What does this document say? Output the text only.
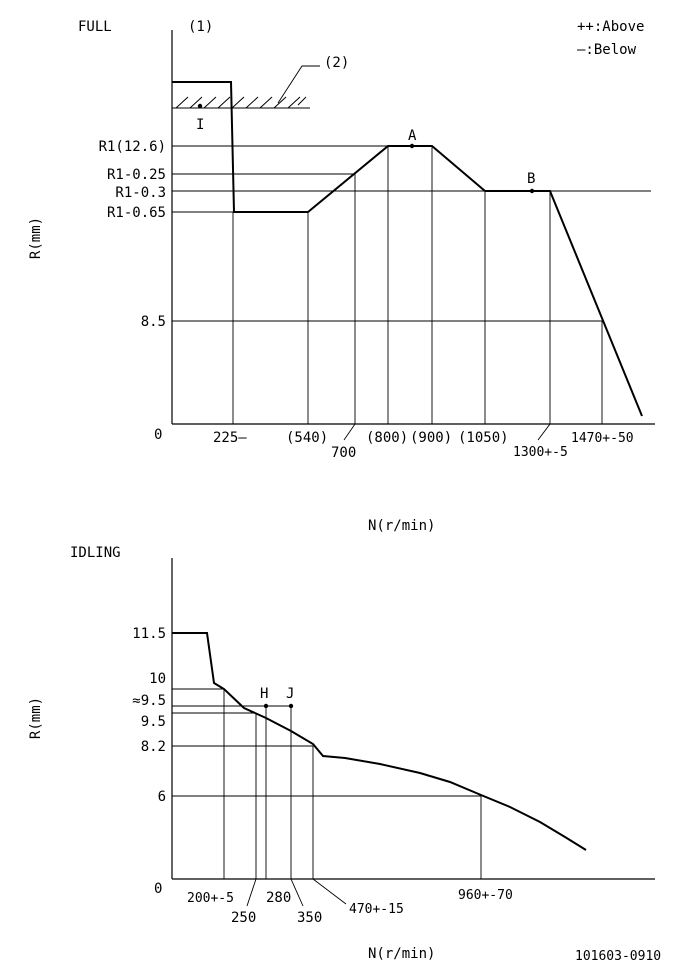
FULL	(1)	++:Above
—:Below
(2)
I
A
B
R1(12.6)
R1-0.25
R1-0.3
R1-0.65
8.5
0
R(mm)
225—	(540)
700
(800) (900) (1050)
1300+-5
1470+-50
N(r/min)
IDLING
H J
11.5
10
≈9.5
9.5
8.2
6
0
R(mm)
200+-5
250
280
350
470+-15
960+-70
N(r/min)	101603-0910
